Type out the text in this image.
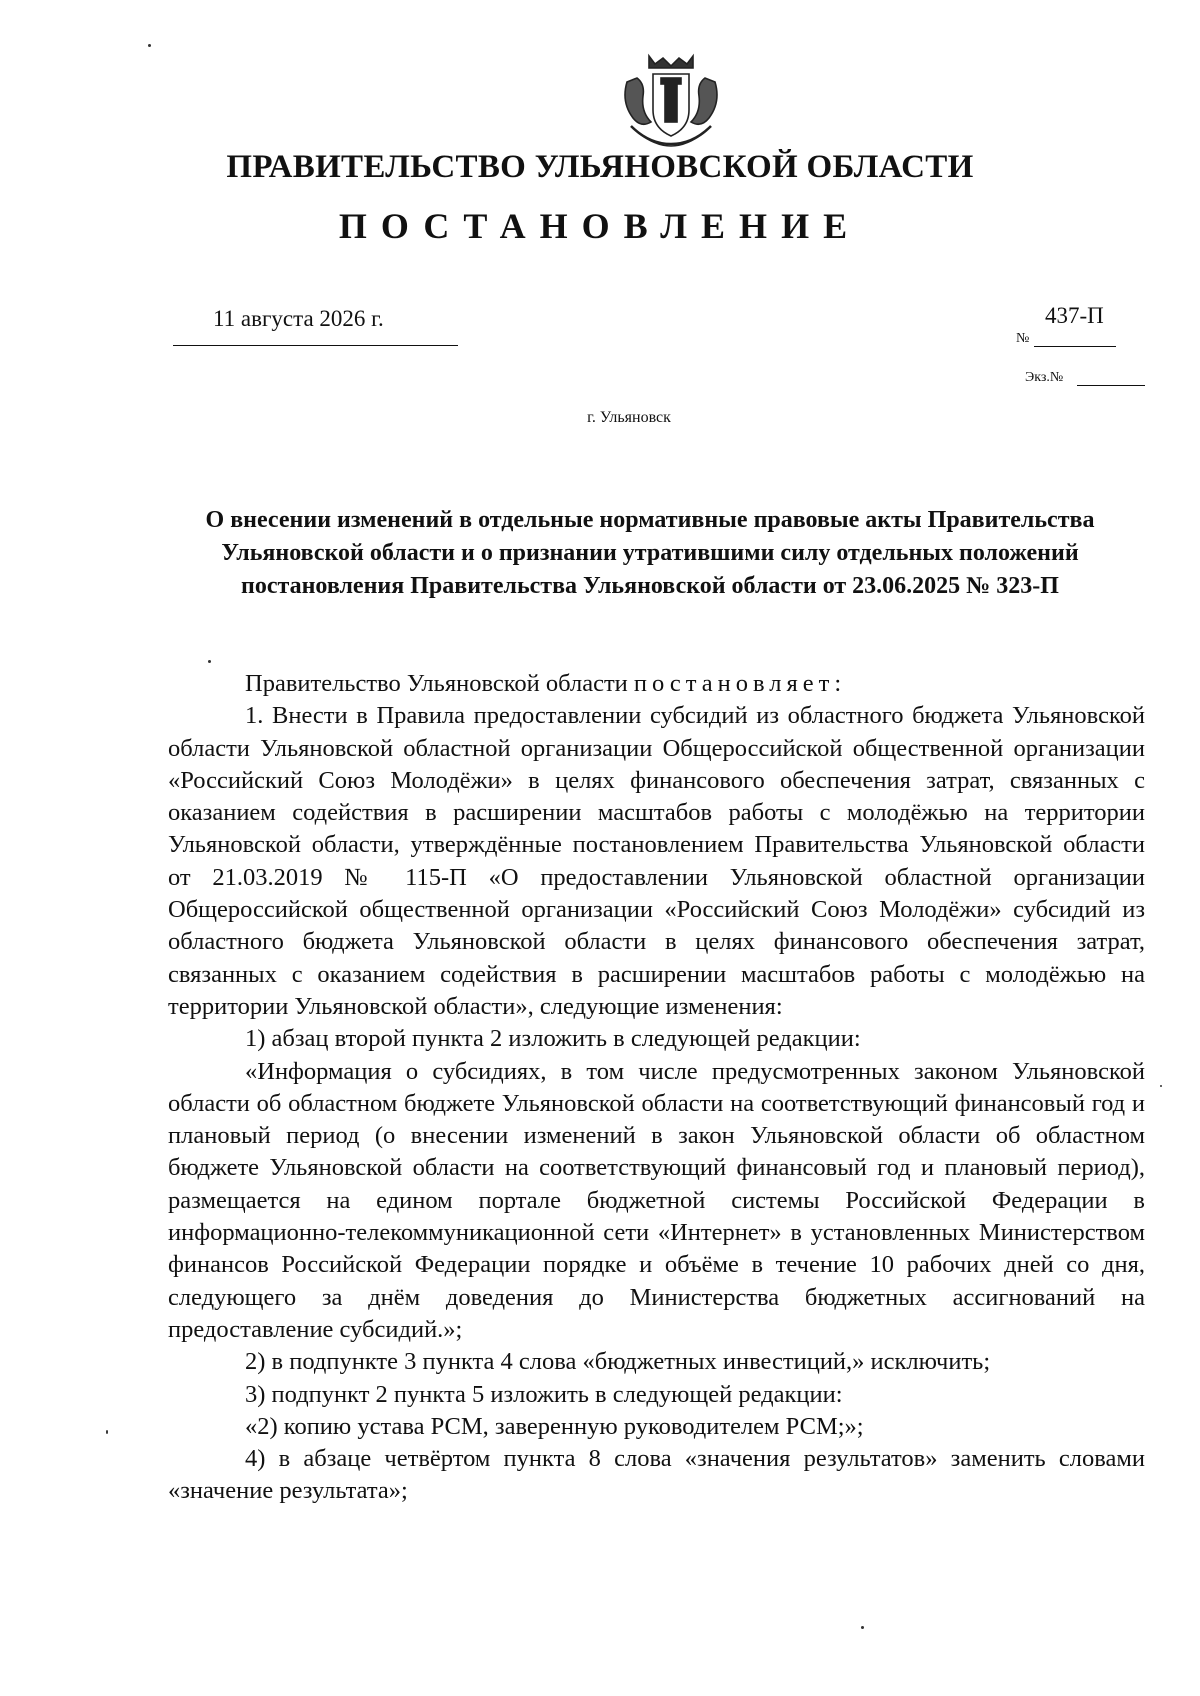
ПРАВИТЕЛЬСТВО УЛЬЯНОВСКОЙ ОБЛАСТИ
ПОСТАНОВЛЕНИЕ
11 августа 2026 г.
№
437-П
Экз.№
г. Ульяновск
О внесении изменений в отдельные нормативные правовые акты Правительства Ульяновской области и о признании утратившими силу отдельных положений постановления Правительства Ульяновской области от 23.06.2025 № 323-П

Правительство Ульяновской области постановляет:

1. Внести в Правила предоставлении субсидий из областного бюджета Ульяновской области Ульяновской областной организации Общероссийской общественной организации «Российский Союз Молодёжи» в целях финансового обеспечения затрат, связанных с оказанием содействия в расширении масштабов работы с молодёжью на территории Ульяновской области, утверждённые постановлением Правительства Ульяновской области от 21.03.2019 № 115-П «О предоставлении Ульяновской областной организации Общероссийской общественной организации «Российский Союз Молодёжи» субсидий из областного бюджета Ульяновской области в целях финансового обеспечения затрат, связанных с оказанием содействия в расширении масштабов работы с молодёжью на территории Ульяновской области», следующие изменения:

1) абзац второй пункта 2 изложить в следующей редакции:

«Информация о субсидиях, в том числе предусмотренных законом Ульяновской области об областном бюджете Ульяновской области на соответствующий финансовый год и плановый период (о внесении изменений в закон Ульяновской области об областном бюджете Ульяновской области на соответствующий финансовый год и плановый период), размещается на едином портале бюджетной системы Российской Федерации в информационно-телекоммуникационной сети «Интернет» в установленных Министерством финансов Российской Федерации порядке и объёме в течение 10 рабочих дней со дня, следующего за днём доведения до Министерства бюджетных ассигнований на предоставление субсидий.»;

2) в подпункте 3 пункта 4 слова «бюджетных инвестиций,» исключить;

3) подпункт 2 пункта 5 изложить в следующей редакции:

«2) копию устава РСМ, заверенную руководителем РСМ;»;

4) в абзаце четвёртом пункта 8 слова «значения результатов» заменить словами «значение результата»;
